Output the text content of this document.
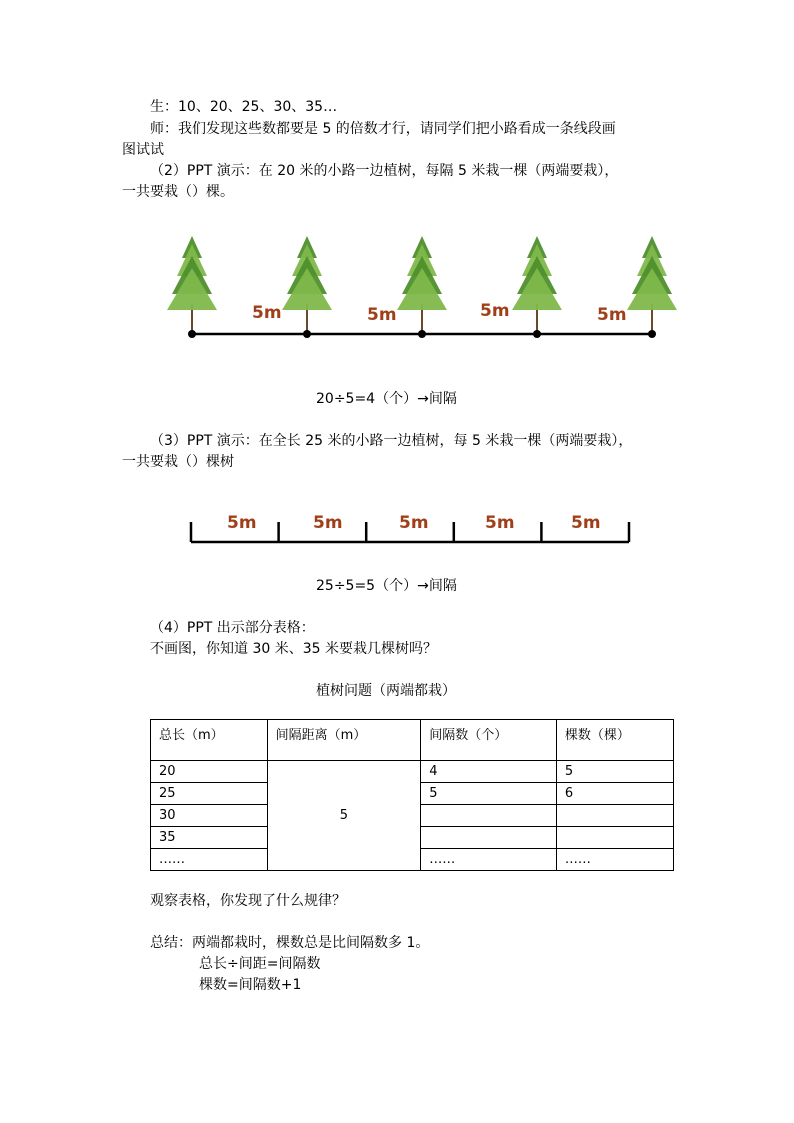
生：10、20、25、30、35…
师：我们发现这些数都要是 5 的倍数才行，请同学们把小路看成一条线段画
图试试
（2）PPT 演示：在 20 米的小路一边植树，每隔 5 米栽一棵（两端要栽），
一共要栽（）棵。
5m	5m	5m	5m
20÷5=4（个）→间隔
（3）PPT 演示：在全长 25 米的小路一边植树，每 5 米栽一棵（两端要栽），
一共要栽（）棵树
5m	5m	5m	5m	5m
25÷5=5（个）→间隔
（4）PPT 出示部分表格：
不画图，你知道 30 米、35 米要栽几棵树吗？
植树问题（两端都栽）
总长（m）	间隔距离（m）	间隔数（个）	棵数（棵）
20	5	4	5
25		5	6
30			
35			
……		……	……
观察表格，你发现了什么规律？
总结：两端都栽时，棵数总是比间隔数多 1。
总长÷间距=间隔数
棵数=间隔数+1
